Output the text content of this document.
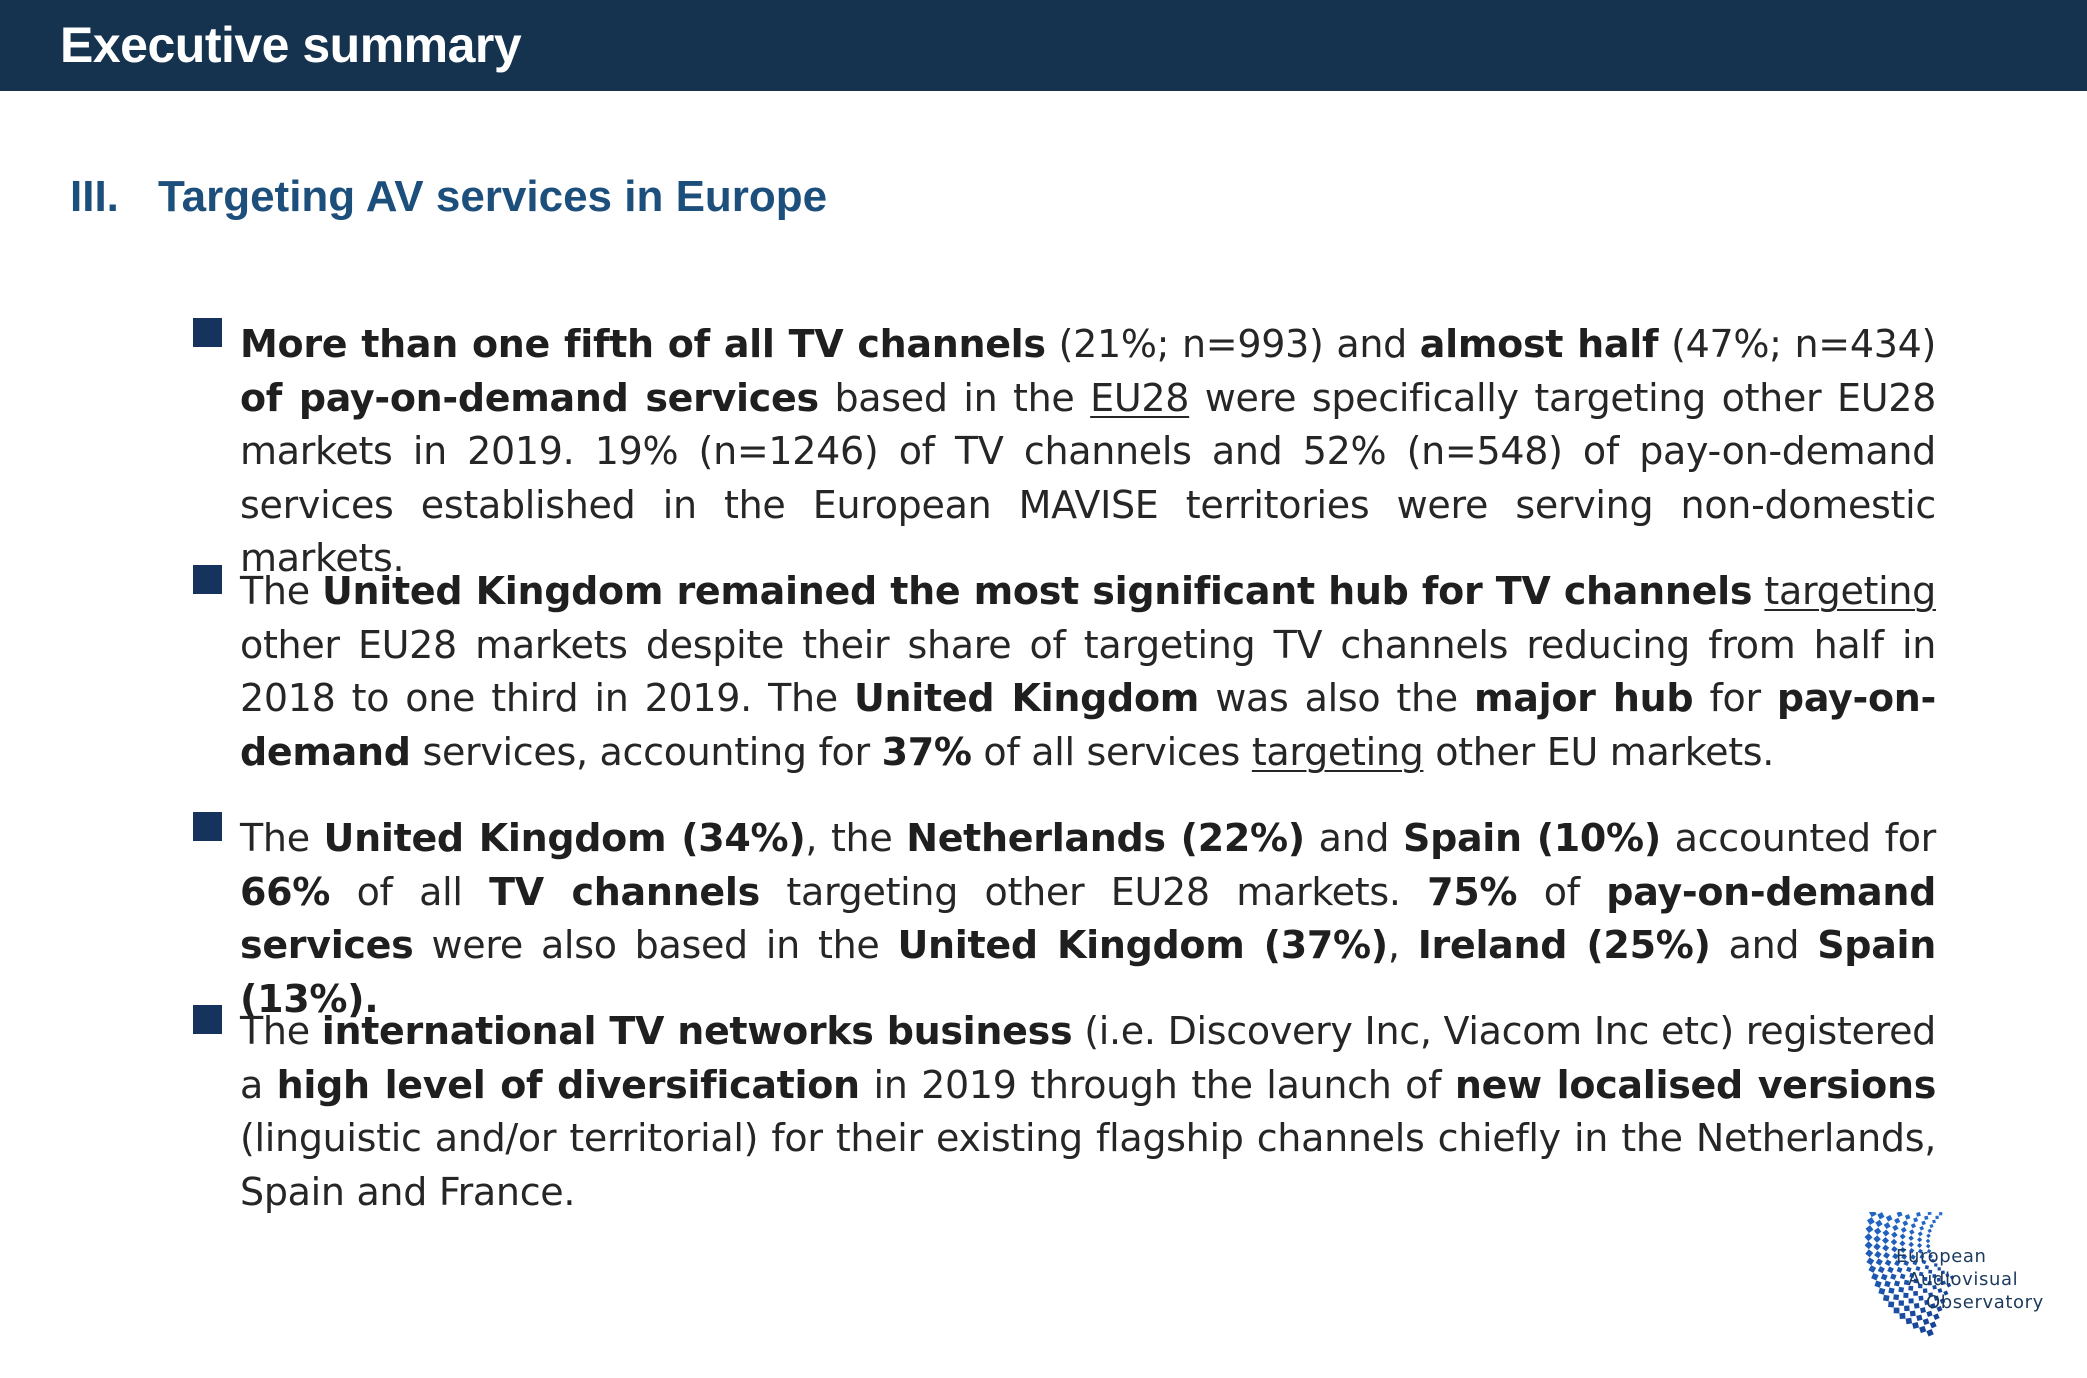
Executive summary
III. Targeting AV services in Europe

More than one fifth of all TV channels (21%; n=993) and almost half (47%; n=434) of pay-on-demand services based in the EU28 were specifically targeting other EU28 markets in 2019. 19% (n=1246) of TV channels and 52% (n=548) of pay-on-demand services established in the European MAVISE territories were serving non-domestic markets.

The United Kingdom remained the most significant hub for TV channels targeting other EU28 markets despite their share of targeting TV channels reducing from half in 2018 to one third in 2019. The United Kingdom was also the major hub for pay-on-demand services, accounting for 37% of all services targeting other EU markets.

The United Kingdom (34%), the Netherlands (22%) and Spain (10%) accounted for 66% of all TV channels targeting other EU28 markets. 75% of pay-on-demand services were also based in the United Kingdom (37%), Ireland (25%) and Spain (13%).

The international TV networks business (i.e. Discovery Inc, Viacom Inc etc) registered a high level of diversification in 2019 through the launch of new localised versions (linguistic and/or territorial) for their existing flagship channels chiefly in the Netherlands, Spain and France.

European
Audiovisual
Observatory
